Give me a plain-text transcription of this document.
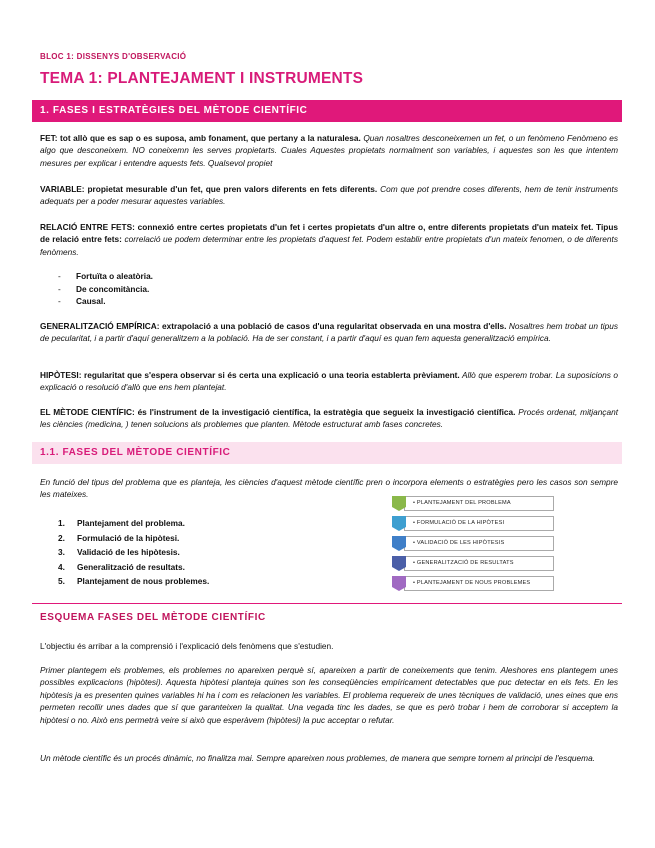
BLOC 1: DISSENYS D'OBSERVACIÓ
TEMA 1: PLANTEJAMENT I INSTRUMENTS
1. FASES I ESTRATÈGIES DEL MÈTODE CIENTÍFIC
FET: tot allò que es sap o es suposa, amb fonament, que pertany a la naturalesa. Quan nosaltres desconeixemen un fet, o un fenòmeno Fenòmeno es algo que desconeixem. NO coneixemn les serves propietarts. Cuales Aquestes propietats normalment son variables, i aquestes son les que intentem mesures per explicar i entendre aquests fets. Qualsevol propiet
VARIABLE: propietat mesurable d'un fet, que pren valors diferents en fets diferents. Com que pot prendre coses diferents, hem de tenir instruments adequats per a poder mesurar aquestes variables.
RELACIÓ ENTRE FETS: connexió entre certes propietats d'un fet i certes propietats d'un altre o, entre diferents propietats d'un mateix fet. Tipus de relació entre fets: correlació ue podem determinar entre les propietats d'aquest fet. Podem establir entre propietats d'un mateix fenomen, o de diferents fenòmens.
- Fortuïta o aleatòria.
- De concomitància.
- Causal.
GENERALITZACIÓ EMPÍRICA: extrapolació a una població de casos d'una regularitat observada en una mostra d'ells. Nosaltres hem trobat un tipus de pecularitat, i a partir d'aquí generalitzem a la població. Ha de ser constant, i a partir d'aquí es quan fem aquesta generalització empírica.
HIPÒTESI: regularitat que s'espera observar si és certa una explicació o una teoria establerta prèviament. Allò que esperem trobar. La suposicions o explicació o resolució d'allò que ens hem plantejat.
EL MÈTODE CIENTÍFIC: és l'instrument de la investigació científica, la estratègia que segueix la investigació científica. Procés ordenat, mitjançant les ciències (medicina, ) tenen solucions als problemes que planten. Mètode estructurat amb fases concretes.
1.1. FASES DEL MÈTODE CIENTÍFIC
En funció del tipus del problema que es planteja, les ciències d'aquest mètode científic pren o incorpora elements o estratègies pero les casos son sempre les mateixes.
1. Plantejament del problema.
2. Formulació de la hipòtesi.
3. Validació de les hipòtesis.
4. Generalització de resultats.
5. Plantejament de nous problemes.
• PLANTEJAMENT DEL PROBLEMA
• FORMULACIÓ DE LA HIPÒTESI
• VALIDACIÓ DE LES HIPÒTESIS
• GENERALITZACIÓ DE RESULTATS
• PLANTEJAMENT DE NOUS PROBLEMES
ESQUEMA FASES DEL MÈTODE CIENTÍFIC
L'objectiu és arribar a la comprensió i l'explicació dels fenòmens que s'estudien.
Primer plantegem els problemes, els problemes no apareixen perquè sí, apareixen a partir de coneixements que tenim. Aleshores ens plantegem unes possibles explicacions (hipòtesi). Aquesta hipòtesi planteja quines son les conseqüències empíricament detectables que puc detectar en els fets. En les hipòtesis ja es presenten quines variables hi ha i com es relacionen les variables. El problema requereix de unes tècniques de validació, unes eines que ens permeten recollir unes dades que sí que garanteixen la qualitat. Una vegada tinc les dades, se que es però trobar i hem de corroborar si acceptem la hipòtesi o no. Això ens permetrà veire si això que esperàvem (hipòtesi) la puc acceptar o refutar.
Un mètode científic és un procés dinàmic, no finalitza mai. Sempre apareixen nous problemes, de manera que sempre tornem al principi de l'esquema.
